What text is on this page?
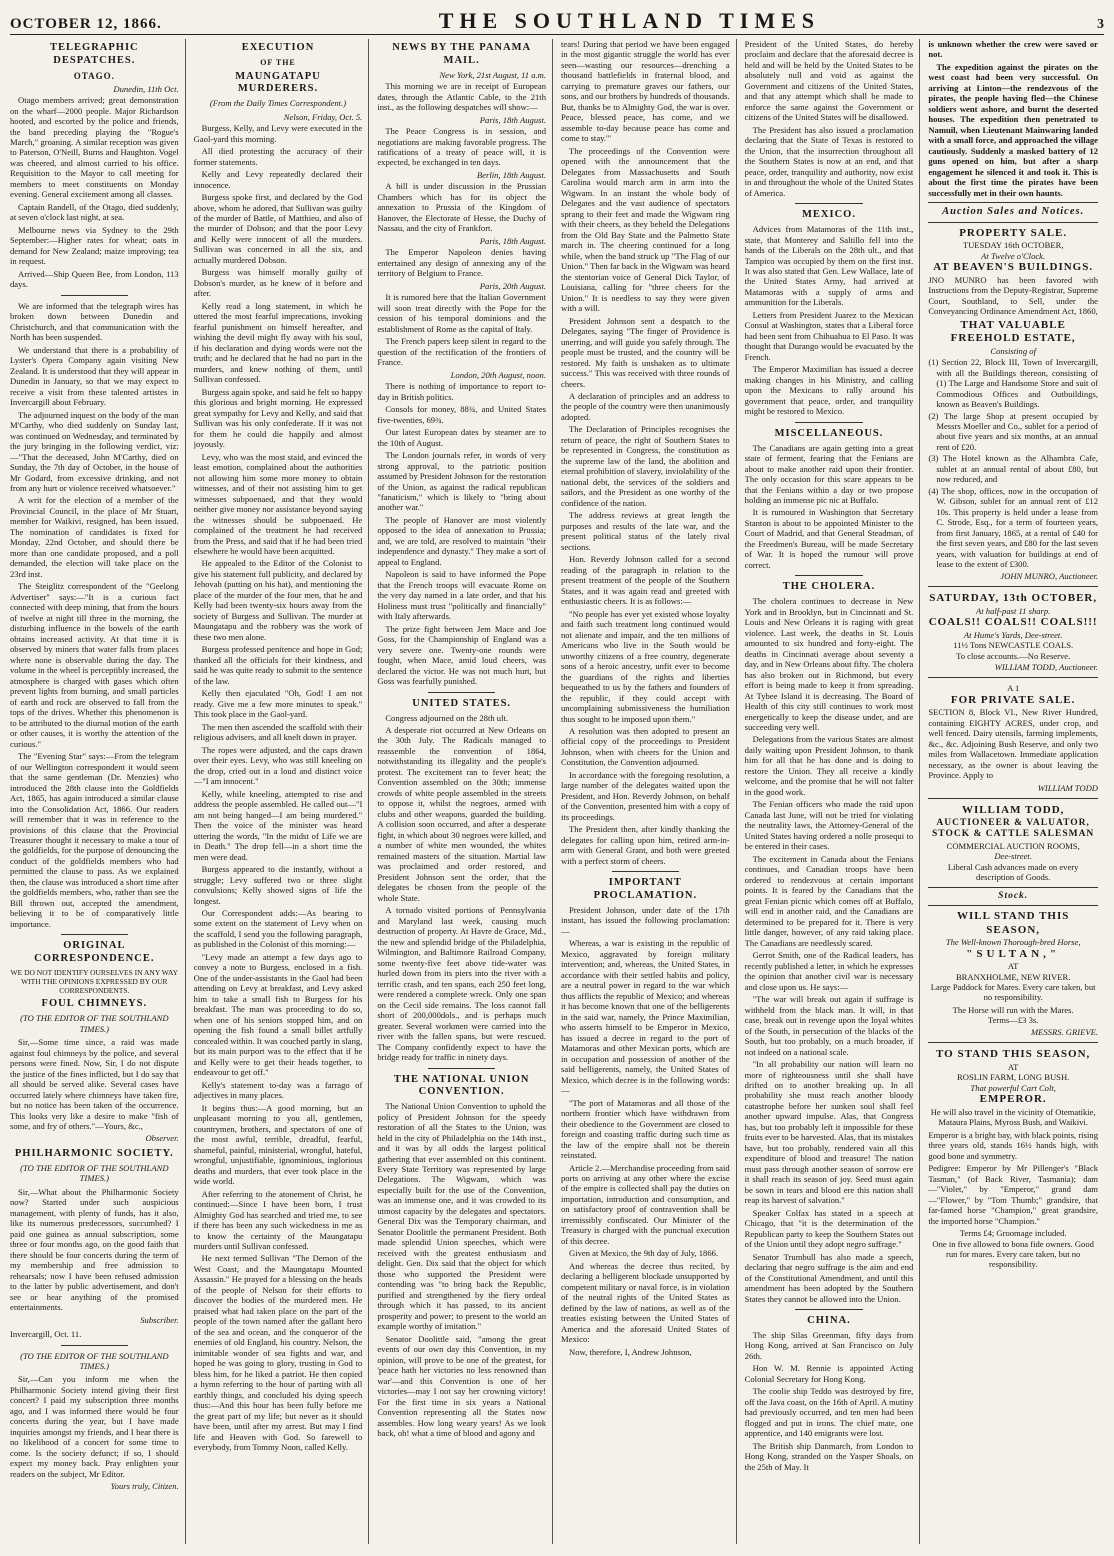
OCTOBER 12, 1866.	THE SOUTHLAND TIMES	3
TELEGRAPHIC DESPATCHES.
OTAGO.
Dunedin, 11th Oct.

Otago members arrived; great demonstration on the wharf—2000 people. Major Richardson hooted, and escorted by the police and friends, the band preceding playing the "Rogue's March," groaning. A similar reception was given to Paterson, O'Neill, Burns and Haughton. Vogel was cheered, and almost carried to his office. Requisition to the Mayor to call meeting for members to meet constituents on Monday evening. General excitement among all classes.

Captain Randell, of the Otago, died suddenly, at seven o'clock last night, at sea.

Melbourne news via Sydney to the 29th September:—Higher rates for wheat; oats in demand for New Zealand; maize improving; tea in request.

Arrived—Ship Queen Bee, from London, 113 days.

We are informed that the telegraph wires has broken down between Dunedin and Christchurch, and that communication with the North has been suspended.

We understand that there is a probability of Lyster's Opera Company again visiting New Zealand. It is understood that they will appear in Dunedin in January, so that we may expect to receive a visit from these talented artistes in Invercargill about February.

The adjourned inquest on the body of the man M'Carthy, who died suddenly on Sunday last, was continued on Wednesday, and terminated by the jury bringing in the following verdict, viz:—"That the deceased, John M'Carthy, died on Sunday, the 7th day of October, in the house of Mr Godard, from excessive drinking, and not from any hurt or violence received whatsoever."

A writ for the election of a member of the Provincial Council, in the place of Mr Stuart, member for Waikivi, resigned, has been issued. The nomination of candidates is fixed for Monday, 22nd October, and should there be more than one candidate proposed, and a poll demanded, the election will take place on the 23rd inst.

The Steiglitz correspondent of the "Geelong Advertiser" says:—"It is a curious fact connected with deep mining, that from the hours of twelve at night till three in the morning, the disturbing influence in the bowels of the earth obtains increased activity. At that time it is observed by miners that water falls from places where none is observable during the day. The volume in the wheel is perceptibly increased, the atmosphere is charged with gases which often prevent lights from burning, and small particles of earth and rock are observed to fall from the tops of the drives. Whether this phenomenon is to be attributed to the diurnal motion of the earth or other causes, it is worthy the attention of the curious."

The "Evening Star" says:—From the telegram of our Wellington correspondent it would seem that the same gentleman (Dr. Menzies) who introduced the 28th clause into the Goldfields Act, 1865, has again introduced a similar clause into the Consolidation Act, 1866. Our readers will remember that it was in reference to the provisions of this clause that the Provincial Treasurer thought it necessary to make a tour of the goldfields, for the purpose of denouncing the conduct of the goldfields members who had permitted the clause to pass. As we explained then, the clause was introduced a short time after the goldfields members, who, rather than see the Bill thrown out, accepted the amendment, believing it to be of comparatively little importance.

ORIGINAL CORRESPONDENCE.
WE DO NOT IDENTIFY OURSELVES IN ANY WAY WITH THE OPINIONS EXPRESSED BY OUR CORRESPONDENTS.
FOUL CHIMNEYS.
(TO THE EDITOR OF THE SOUTHLAND TIMES.)

Sir,—Some time since, a raid was made against foul chimneys by the police, and several persons were fined. Now, Sir, I do not dispute the justice of the fines inflicted, but I do say that all should be served alike. Several cases have occurred lately where chimneys have taken fire, but no notice has been taken of the occurrence. This looks very like a desire to make "fish of some, and fry of others."—Yours, &c.,

Observer.
PHILHARMONIC SOCIETY.
(TO THE EDITOR OF THE SOUTHLAND TIMES.)

Sir,—What about the Philharmonic Society now? Started under such auspicious management, with plenty of funds, has it also, like its numerous predecessors, succumbed? I paid one guinea as annual subscription, some three or four months ago, on the good faith that there should be four concerts during the term of my membership and free admission to rehearsals; now I have been refused admission to the latter by public advertisement, and don't see or hear anything of the promised entertainments.

Subscriber.
Invercargill, Oct. 11.
(TO THE EDITOR OF THE SOUTHLAND TIMES.)

Sir,—Can you inform me when the Philharmonic Society intend giving their first concert? I paid my subscription three months ago, and I was informed there would be four concerts during the year, but I have made inquiries amongst my friends, and I hear there is no likelihood of a concert for some time to come. Is the society defunct; if so, I should expect my money back. Pray enlighten your readers on the subject, Mr Editor.

Yours truly, Citizen.
EXECUTION
OF THE
MAUNGATAPU MURDERERS.
(From the Daily Times Correspondent.)
Nelson, Friday, Oct. 5.

Burgess, Kelly, and Levy were executed in the Gaol-yard this morning.

All died protesting the accuracy of their former statements.

Kelly and Levy repeatedly declared their innocence.

Burgess spoke first, and declared by the God above, whom he adored, that Sullivan was guilty of the murder of Battle, of Matthieu, and also of the murder of Dobson; and that the poor Levy and Kelly were innocent of all the murders. Sullivan was concerned in all the six, and actually murdered Dobson.

Burgess was himself morally guilty of Dobson's murder, as he knew of it before and after.

Kelly read a long statement, in which he uttered the most fearful imprecations, invoking fearful punishment on himself hereafter, and wishing the devil might fly away with his soul, if his declaration and dying words were not the truth; and he declared that he had no part in the murders, and knew nothing of them, until Sullivan confessed.

Burgess again spoke, and said he felt so happy this glorious and bright morning. He expressed great sympathy for Levy and Kelly, and said that Sullivan was his only confederate. If it was not for them he could die happily and almost joyously.

Levy, who was the most staid, and evinced the least emotion, complained about the authorities not allowing him some more money to obtain witnesses, and of their not assisting him to get witnesses subpoenaed, and that they would neither give money nor assistance beyond saying the witnesses should be subpoenaed. He complained of the treatment he had received from the Press, and said that if he had been tried elsewhere he would have been acquitted.

He appealed to the Editor of the Colonist to give his statement full publicity, and declared by Jehovah (putting on his hat), and mentioning the place of the murder of the four men, that he and Kelly had been twenty-six hours away from the society of Burgess and Sullivan. The murder at Maungatapu and the robbery was the work of these two men alone.

Burgess professed penitence and hope in God; thanked all the officials for their kindness, and said he was quite ready to submit to the sentence of the law.

Kelly then ejaculated "Oh, God! I am not ready. Give me a few more minutes to speak." This took place in the Gaol-yard.

The men then ascended the scaffold with their religious advisers, and all knelt down in prayer.

The ropes were adjusted, and the caps drawn over their eyes. Levy, who was still kneeling on the drop, cried out in a loud and distinct voice —"I am innocent."

Kelly, while kneeling, attempted to rise and address the people assembled. He called out—"I am not being hanged—I am being murdered." Then the voice of the minister was heard uttering the words, "In the midst of Life we are in Death." The drop fell—in a short time the men were dead.

Burgess appeared to die instantly, without a struggle; Levy suffered two or three slight convulsions; Kelly showed signs of life the longest.

Our Correspondent adds:—As bearing to some extent on the statement of Levy when on the scaffold, I send you the following paragraph, as published in the Colonist of this morning:—

"Levy made an attempt a few days ago to convey a note to Burgess, enclosed in a fish. One of the under-assistants in the Gaol had been attending on Levy at breakfast, and Levy asked him to take a small fish to Burgess for his breakfast. The man was proceeding to do so, when one of his seniors stopped him, and on opening the fish found a small billet artfully concealed within. It was couched partly in slang, but its main purport was to the effect that if he and Kelly were to get their heads together, to endeavour to get off."

Kelly's statement to-day was a farrago of adjectives in many places.

It begins thus:—A good morning, but an unpleasant morning to you all, gentlemen, countrymen, brothers, and spectators of one of the most awful, terrible, dreadful, fearful, shameful, painful, ministerial, wrongful, hateful, wrongful, unjustifiable, ignominious, inglorious deaths and murders, that ever took place in the wide world.

After referring to the atonement of Christ, he continued:—Since I have been born, I trust Almighty God has searched and tried me, to see if there has been any such wickedness in me as to know the certainty of the Maungatapu murders until Sullivan confessed.

He next termed Sullivan "The Demon of the West Coast, and the Maungatapu Mounted Assassin." He prayed for a blessing on the heads of the people of Nelson for their efforts to discover the bodies of the murdered men. He praised what had taken place on the part of the people of the town named after the gallant hero of the sea and ocean, and the conqueror of the enemies of old England, his country. Nelson, the inimitable wonder of sea fights and war, and hoped he was going to glory, trusting in God to bless him, for he liked a patriot. He then copied a hymn referring to the hour of parting with all earthly things, and concluded his dying speech thus:—And this hour has been fully before me the great part of my life; but never as it should have been, until after my arrest. But may I find life and Heaven with God. So farewell to everybody, from Tommy Noon, called Kelly.

NEWS BY THE PANAMA MAIL.
New York, 21st August, 11 a.m.

This morning we are in receipt of European dates, through the Atlantic Cable, to the 21th inst., as the following despatches will show:—

Paris, 18th August.

The Peace Congress is in session, and negotiations are making favorable progress. The ratifications of a treaty of peace will, it is expected, be exchanged in ten days.

Berlin, 18th August.

A bill is under discussion in the Prussian Chambers which has for its object the annexation to Prussia of the Kingdom of Hanover, the Electorate of Hesse, the Duchy of Nassau, and the city of Frankfort.

Paris, 18th August.

The Emperor Napoleon denies having entertained any design of annexing any of the territory of Belgium to France.

Paris, 20th August.

It is rumored here that the Italian Government will soon treat directly with the Pope for the cession of his temporal dominions and the establishment of Rome as the capital of Italy.

The French papers keep silent in regard to the question of the rectification of the frontiers of France.

London, 20th August, noon.

There is nothing of importance to report to-day in British politics.

Consols for money, 88¾, and United States five-twenties, 69¾.

Our latest European dates by steamer are to the 10th of August.

The London journals refer, in words of very strong approval, to the patriotic position assumed by President Johnson for the restoration of the Union, as against the radical republican "fanaticism," which is likely to "bring about another war."

The people of Hanover are most violently opposed to the idea of annexation to Prussia; and, we are told, are resolved to maintain "their independence and dynasty." They make a sort of appeal to England.

Napoleon is said to have informed the Pope that the French troops will evacuate Rome on the very day named in a late order, and that his Holiness must trust "politically and financially" with Italy afterwards.

The prize fight between Jem Mace and Joe Goss, for the Championship of England was a very severe one. Twenty-one rounds were fought, when Mace, amid loud cheers, was declared the victor. He was not much hurt, but Goss was fearfully punished.

UNITED STATES.

Congress adjourned on the 28th ult.

A desperate riot occurred at New Orleans on the 30th July. The Radicals managed to reassemble the convention of 1864, notwithstanding its illegality and the people's protest. The excitement ran to fever heat; the Convention assembled on the 30th; immense crowds of white people assembled in the streets to oppose it, whilst the negroes, armed with clubs and other weapons, guarded the building. A collision soon occurred, and after a desperate fight, in which about 30 negroes were killed, and a number of white men wounded, the whites remained masters of the situation. Martial law was proclaimed and order restored, and President Johnson sent the order, that the delegates be chosen from the people of the whole State.

A tornado visited portions of Pennsylvania and Maryland last week, causing much destruction of property. At Havre de Grace, Md., the new and splendid bridge of the Philadelphia, Wilmington, and Baltimore Railroad Company, some twenty-five feet above tide-water was hurled down from its piers into the river with a terrific crash, and ten spans, each 250 feet long, were rendered a complete wreck. Only one span on the Cecil side remains. The loss cannot fall short of 200,000dols., and is perhaps much greater. Several workmen were carried into the river with the fallen spans, but were rescued. The Company confidently expect to have the bridge ready for traffic in ninety days.

THE NATIONAL UNION CONVENTION.

The National Union Convention to uphold the policy of President Johnson for the speedy restoration of all the States to the Union, was held in the city of Philadelphia on the 14th inst., and it was by all odds the largest political gathering that ever assembled on this continent. Every State Territory was represented by large Delegations. The Wigwam, which was especially built for the use of the Convention, was an immense one, and it was crowded to its utmost capacity by the delegates and spectators. General Dix was the Temporary chairman, and Senator Doolittle the permanent President. Both made splendid Union speeches, which were received with the greatest enthusiasm and delight. Gen. Dix said that the object for which those who supported the President were contending was "to bring back the Republic, purified and strengthened by the fiery ordeal through which it has passed, to its ancient prosperity and power; to present to the world an example worthy of imitation."

Senator Doolittle said, "among the great events of our own day this Convention, in my opinion, will prove to be one of the greatest, for 'peace hath her victories no less renowned than war'—and this Convention is one of her victories—may I not say her crowning victory! For the first time in six years a National Convention representing all the States now assembles. How long weary years! As we look back, oh! what a time of blood and agony and

tears! During that period we have been engaged in the most gigantic struggle the world has ever seen—wasting our resources—drenching a thousand battlefields in fraternal blood, and carrying to premature graves our fathers, our sons, and our brothers by hundreds of thousands. But, thanks be to Almighty God, the war is over. Peace, blessed peace, has come, and we assemble to-day because peace has come and come to stay.'"

The proceedings of the Convention were opened with the announcement that the Delegates from Massachusetts and South Carolina would march arm in arm into the Wigwam. In an instant the whole body of Delegates and the vast audience of spectators sprang to their feet and made the Wigwam ring with their cheers, as they beheld the Delegations from the Old Bay State and the Palmetto State march in. The cheering continued for a long while, when the band struck up "The Flag of our Union." Then far back in the Wigwam was heard the stentorian voice of General Dick Taylor, of Louisiana, calling for "three cheers for the Union." It is needless to say they were given with a will.

President Johnson sent a despatch to the Delegates, saying "The finger of Providence is unerring, and will guide you safely through. The people must be trusted, and the country will be restored. My faith is unshaken as to ultimate success." This was received with three rounds of cheers.

A declaration of principles and an address to the people of the country were then unanimously adopted.

The Declaration of Principles recognises the return of peace, the right of Southern States to be represented in Congress, the constitution as the supreme law of the land, the abolition and eternal prohibition of slavery, inviolability of the national debt, the services of the soldiers and sailors, and the President as one worthy of the confidence of the nation.

The address reviews at great length the purposes and results of the late war, and the present political status of the lately rival sections.

Hon. Reverdy Johnson called for a second reading of the paragraph in relation to the present treatment of the people of the Southern States, and it was again read and greeted with enthusiastic cheers. It is as follows:—

"No people has ever yet existed whose loyalty and faith such treatment long continued would not alienate and impair, and the ten millions of Americans who live in the South would be unworthy citizens of a free country, degenerate sons of a heroic ancestry, unfit ever to become the guardians of the rights and liberties bequeathed to us by the fathers and founders of the republic, if they could accept with uncomplaining submissiveness the humiliation thus sought to be imposed upon them."

A resolution was then adopted to present an official copy of the proceedings to President Johnson, when with cheers for the Union and Constitution, the Convention adjourned.

In accordance with the foregoing resolution, a large number of the delegates waited upon the President, and Hon. Reverdy Johnson, on behalf of the Convention, presented him with a copy of its proceedings.

The President then, after kindly thanking the delegates for calling upon him, retired arm-in-arm with General Grant, and both were greeted with a perfect storm of cheers.

IMPORTANT PROCLAMATION.

President Johnson, under date of the 17th instant, has issued the following proclamation:—

Whereas, a war is existing in the republic of Mexico, aggravated by foreign military intervention; and, whereas, the United States, in accordance with their settled habits and policy, are a neutral power in regard to the war which thus afflicts the republic of Mexico; and whereas it has become known that one of the belligerents in the said war, namely, the Prince Maximilian, who asserts himself to be Emperor in Mexico, has issued a decree in regard to the port of Matamoras and other Mexican ports, which are in occupation and possession of another of the said belligerents, namely, the United States of Mexico, which decree is in the following words:—

"The port of Matamoras and all those of the northern frontier which have withdrawn from their obedience to the Government are closed to foreign and coasting traffic during such time as the law of the empire shall not be therein reinstated.

Article 2.—Merchandise proceeding from said ports on arriving at any other where the excise of the empire is collected shall pay the duties on importation, introduction and consumption, and on satisfactory proof of contravention shall be irremissibly confiscated. Our Minister of the Treasury is charged with the punctual execution of this decree.

Given at Mexico, the 9th day of July, 1866.

And whereas the decree thus recited, by declaring a belligerent blockade unsupported by competent military or naval force, is in violation of the neutral rights of the United States as defined by the law of nations, as well as of the treaties existing between the United States of America and the aforesaid United States of Mexico:

Now, therefore, I, Andrew Johnson,

President of the United States, do hereby proclaim and declare that the aforesaid decree is held and will be held by the United States to be absolutely null and void as against the Government and citizens of the United States, and that any attempt which shall be made to enforce the same against the Government or citizens of the United States will be disallowed.

The President has also issued a proclamation declaring that the State of Texas is restored to the Union, that the insurrection throughout all the Southern States is now at an end, and that peace, order, tranquility and authority, now exist in and throughout the whole of the United States of America.

MEXICO.

Advices from Matamoras of the 11th inst., state, that Monterey and Saltillo fell into the hands of the Liberals on the 28th ult., and that Tampico was occupied by them on the first inst. It was also stated that Gen. Lew Wallace, late of the United States Army, had arrived at Matamoras with a supply of arms and ammunition for the Liberals.

Letters from President Juarez to the Mexican Consul at Washington, states that a Liberal force had been sent from Chihuahua to El Paso. It was thought that Durango would be evacuated by the French.

The Emperor Maximilian has issued a decree making changes in his Ministry, and calling upon the Mexicans to rally around his government that peace, order, and tranquility might be restored to Mexico.

MISCELLANEOUS.

The Canadians are again getting into a great state of ferment, fearing that the Fenians are about to make another raid upon their frontier. The only occasion for this scare appears to be that the Fenians within a day or two propose holding an immense pic nic at Buffalo.

It is rumoured in Washington that Secretary Stanton is about to be appointed Minister to the Court of Madrid, and that General Steadman, of the Freedmen's Bureau, will be made Secretary of War. It is hoped the rumour will prove correct.

THE CHOLERA.

The cholera continues to decrease in New York and in Brooklyn, but in Cincinnati and St. Louis and New Orleans it is raging with great violence. Last week, the deaths in St. Louis amounted to six hundred and forty-eight. The deaths in Cincinnati average about seventy a day, and in New Orleans about fifty. The cholera has also broken out in Richmond, but every effort is being made to keep it from spreading. At Tybee Island it is decreasing. The Board of Health of this city still continues to work most energetically to keep the disease under, and are succeeding very well.

Delegations from the various States are almost daily waiting upon President Johnson, to thank him for all that he has done and is doing to restore the Union. They all receive a kindly welcome, and the promise that he will not falter in the good work.

The Fenian officers who made the raid upon Canada last June, will not be tried for violating the neutrality laws, the Attorney-General of the United States having ordered a nolle prosequi to be entered in their cases.

The excitement in Canada about the Fenians continues, and Canadian troops have been ordered to rendezvous at certain important points. It is feared by the Canadians that the great Fenian picnic which comes off at Buffalo, will end in another raid, and the Canadians are determined to be prepared for it. There is very little danger, however, of any raid taking place. The Canadians are needlessly scared.

Gerrot Smith, one of the Radical leaders, has recently published a letter, in which he expresses the opinion that another civil war is necessary and close upon us. He says:—

"The war will break out again if suffrage is withheld from the black man. It will, in that case, break out in revenge upon the loyal whites of the South, in persecution of the blacks of the South, but too probably, on a much broader, if not indeed on a national scale.

"In all probability our nation will learn no more of righteousness until she shall have drifted on to another breaking up. In all probability she must reach another bloody catastrophe before her sunken soul shall feel another upward impulse. Alas, that Congress has, but too probably left it impossible for these fruits ever to be harvested. Alas, that its mistakes have, but too probably, rendered vain all this expenditure of blood and treasure! The nation must pass through another season of sorrow ere it shall reach its season of joy. Seed must again be sown in tears and blood ere this nation shall reap its harvest of salvation."

Speaker Colfax has stated in a speech at Chicago, that "it is the determination of the Republican party to keep the Southern States out of the Union until they adopt negro suffrage."

Senator Trumbull has also made a speech, declaring that negro suffrage is the aim and end of the Constitutional Amendment, and until this amendment has been adopted by the Southern States they cannot be allowed into the Union.

CHINA.

The ship Silas Greenman, fifty days from Hong Kong, arrived at San Francisco on July 26th.

Hon W. M. Rennie is appointed Acting Colonial Secretary for Hong Kong.

The coolie ship Teddo was destroyed by fire, off the Java coast, on the 16th of April. A mutiny had previously occurred, and ten men had been flogged and put in irons. The chief mate, one apprentice, and 140 emigrants were lost.

The British ship Danmarch, from London to Hong Kong, stranded on the Yasper Shoals, on the 25th of May. It

is unknown whether the crew were saved or not.

The expedition against the pirates on the west coast had been very successful. On arriving at Linton—the rendezvous of the pirates, the people having fled—the Chinese soldiers went ashore, and burnt the deserted houses. The expedition then penetrated to Namuil, when Lieutenant Mainwaring landed with a small force, and approached the village cautiously. Suddenly a masked battery of 12 guns opened on him, but after a sharp engagement he silenced it and took it. This is about the first time the pirates have been successfully met in their own haunts.

Auction Sales and Notices.
PROPERTY SALE.
TUESDAY 16th OCTOBER,
At Twelve o'Clock.
AT BEAVEN'S BUILDINGS.

JNO MUNRO has been favored with Instructions from the Deputy-Registrar, Supreme Court, Southland, to Sell, under the Conveyancing Ordinance Amendment Act, 1860,

THAT VALUABLE FREEHOLD ESTATE,
Consisting of
(1) Section 22, Block III, Town of Invercargill, with all the Buildings thereon, consisting of (1) The Large and Handsome Store and suit of Commodious Offices and Outbuildings, known as Beaven's Buildings.
(2) The large Shop at present occupied by Messrs Moeller and Co., sublet for a period of about five years and six months, at an annual rent of £20.
(3) The Hotel known as the Alhambra Cafe, sublet at an annual rental of about £80, but now reduced, and
(4) The shop, offices, now in the occupation of W. Gibson, sublet for an annual rent of £12 10s. This property is held under a lease from C. Strode, Esq., for a term of fourteen years, from first January, 1865, at a rental of £40 for the first seven years, and £80 for the last seven years, with valuation for buildings at end of lease to the extent of £300.
JOHN MUNRO, Auctioneer.
SATURDAY, 13th OCTOBER,
At half-past 11 sharp.
COALS!! COALS!! COALS!!!
At Hume's Yards, Dee-street.
11½ Tons NEWCASTLE COALS.
To close accounts.—No Reserve.
WILLIAM TODD, Auctioneer.
A 1
FOR PRIVATE SALE.

SECTION 8, Block VI., New River Hundred, containing EIGHTY ACRES, under crop, and well fenced. Dairy utensils, farming implements, &c., &c. Adjoining Bush Reserve, and only two miles from Wallacetown. Immediate application necessary, as the owner is about leaving the Province. Apply to

WILLIAM TODD
WILLIAM TODD,
AUCTIONEER & VALUATOR,
STOCK & CATTLE SALESMAN
COMMERCIAL AUCTION ROOMS,
Dee-street.

Liberal Cash advances made on every description of Goods.

Stock.
WILL STAND THIS SEASON,
The Well-known Thorough-bred Horse,
"SULTAN,"
AT
BRANXHOLME, NEW RIVER.

Large Paddock for Mares. Every care taken, but no responsibility.

The Horse will run with the Mares.
Terms—£3 3s.
MESSRS. GRIEVE.
TO STAND THIS SEASON,
AT
ROSLIN FARM, LONG BUSH.
That powerful Cart Colt,
EMPEROR.

He will also travel in the vicinity of Otematikie, Mataura Plains, Myross Bush, and Waikivi.

Emperor is a bright bay, with black points, rising three years old, stands 16½ hands high, with good bone and symmetry.

Pedigree: Emperor by Mr Pillenger's "Black Tasman," (of Back River, Tasmania); dam—"Violet," by "Emperor," grand dam—"Flower," by "Tom Thumb;" grandsire, that far-famed horse "Champion," great grandsire, the imported horse "Champion."

Terms £4; Groomage included.
One in five allowed to bona fide owners. Good run for mares. Every care taken, but no responsibility.
